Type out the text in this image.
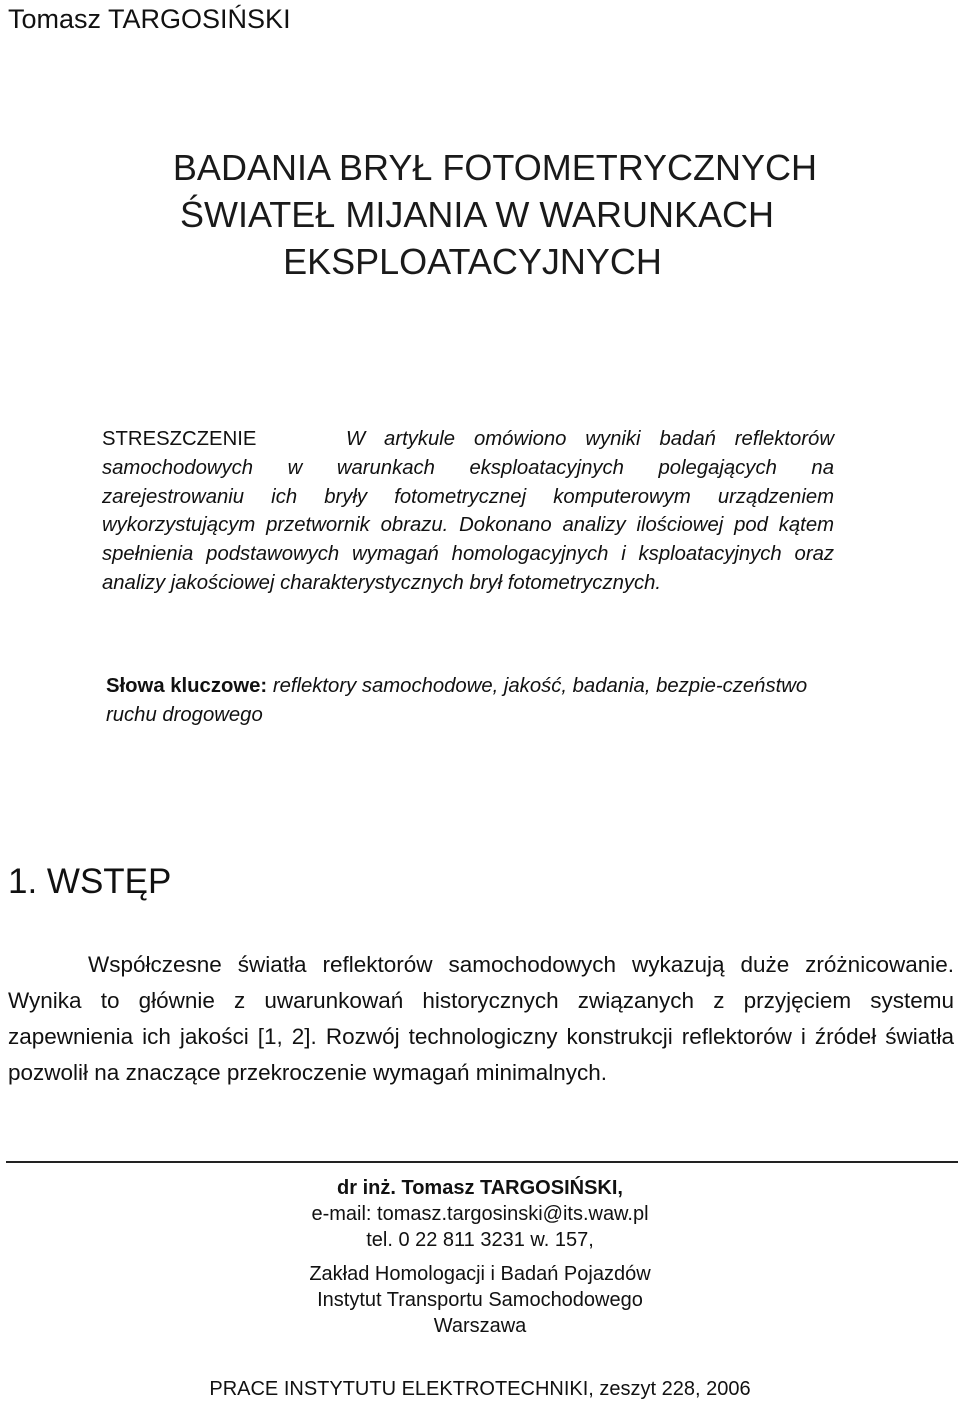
Tomasz TARGOSIŃSKI
BADANIA BRYŁ FOTOMETRYCZNYCH
ŚWIATEŁ MIJANIA W WARUNKACH
EKSPLOATACYJNYCH
STRESZCZENIE	W artykule omówiono wyniki badań reflektorów samochodowych w warunkach eksploatacyjnych polegających na zarejestrowaniu ich bryły fotometrycznej komputerowym urządzeniem wykorzystującym przetwornik obrazu. Dokonano analizy ilościowej pod kątem spełnienia podstawowych wymagań homologacyjnych i ksploatacyjnych oraz analizy jakościowej charakterystycznych brył fotometrycznych.
Słowa kluczowe: reflektory samochodowe, jakość, badania, bezpie-czeństwo ruchu drogowego
1. WSTĘP
Współczesne światła reflektorów samochodowych wykazują duże zróżnicowanie. Wynika to głównie z uwarunkowań historycznych związanych z przyjęciem systemu zapewnienia ich jakości [1, 2]. Rozwój technologiczny konstrukcji reflektorów i źródeł światła pozwolił na znaczące przekroczenie wymagań minimalnych.
dr inż. Tomasz TARGOSIŃSKI,
e-mail: tomasz.targosinski@its.waw.pl
tel. 0 22 811 3231 w. 157,
Zakład Homologacji i Badań Pojazdów
Instytut Transportu Samochodowego
Warszawa
PRACE INSTYTUTU ELEKTROTECHNIKI, zeszyt 228, 2006
